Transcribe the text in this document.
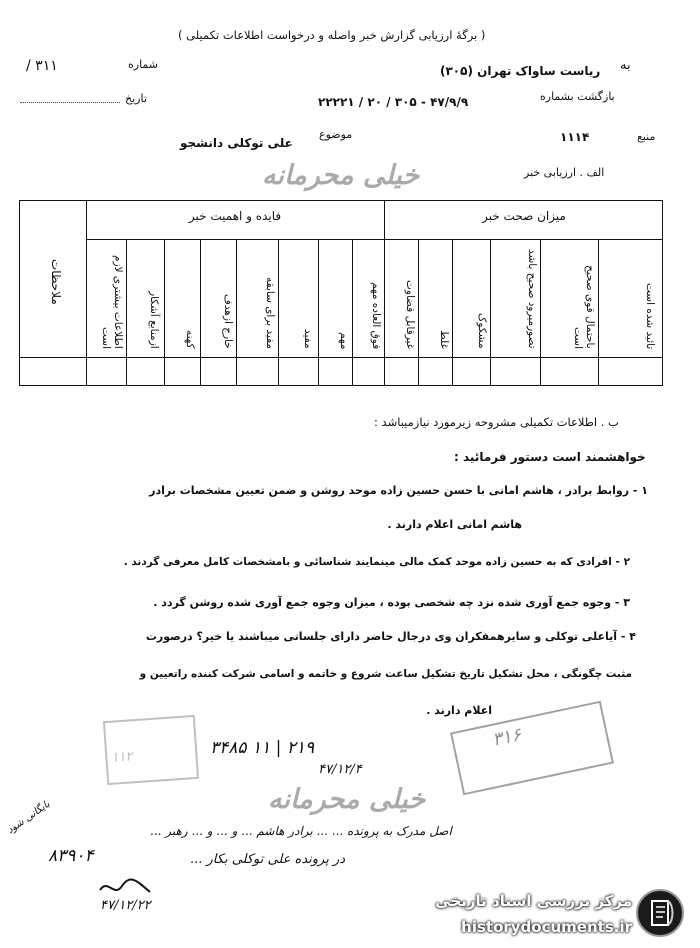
( برگهٔ ارزیابی گزارش خبر واصله و درخواست اطلاعات تکمیلی )
به
ریاست ساواک تهران (۳۰۵)
شماره
۳۱۱ /
بازگشت بشماره
۴۷/۹/۹ - ۳۰۵ / ۲۰ / ۲۲۲۲۱
تاریخ
منبع
۱۱۱۴
موضوع
علی توکلی دانشجو
خیلی محرمانه	الف . ارزیابی خبر
فایده و اهمیت خبر	میزان صحت خبر
ملاحظات	اطلاعات بیشتری لازم است	ازمنابع آشکار	کهنه	خارج ازهدف	مفید برای سابقه	مفید	مهم	فوق العاده مهم	غیرقابل قضاوت	غلط	مشکوک	تصورمیرود صحیح باشد	باحتمال قوی صحیح است	تائید شده است
ب . اطلاعات تکمیلی مشروحه زیرمورد نیازمیباشد :
خواهشمند است دستور فرمائید :
۱ - روابط برادر ، هاشم امانی با حسن حسین زاده موحد روشن و ضمن تعیین مشخصات برادر
هاشم امانی اعلام دارند .
۲ - افرادی که به حسین زاده موحد کمک مالی مینمایند شناسائی و بامشخصات کامل معرفی گردند .
۳ - وجوه جمع آوری شده نزد چه شخصی بوده ، میزان وجوه جمع آوری شده روشن گردد .
۴ - آیاعلی توکلی و سایرهمفکران وی درجال حاضر دارای جلساتی میباشند یا خیر؟ درصورت
مثبت چگونگی ، محل تشکیل تاریخ تشکیل ساعت شروع و خاتمه و اسامی شرکت کننده راتعیین و
اعلام دارند .
۱۱۲
۳۱۶
۲۱۹ | ۱۱ ۳۴۸۵
۴۷/۱۲/۴
خیلی محرمانه
اصل مدرک به پرونده ... ... برادر هاشم ... و ... و ... رهبر ...
در پرونده علی توکلی بکار ...
۸۳۹۰۴
بایگانی شود
۴۷/۱۲/۲۲	مرکز بررسی اسناد تاریخی
historydocuments.ir
